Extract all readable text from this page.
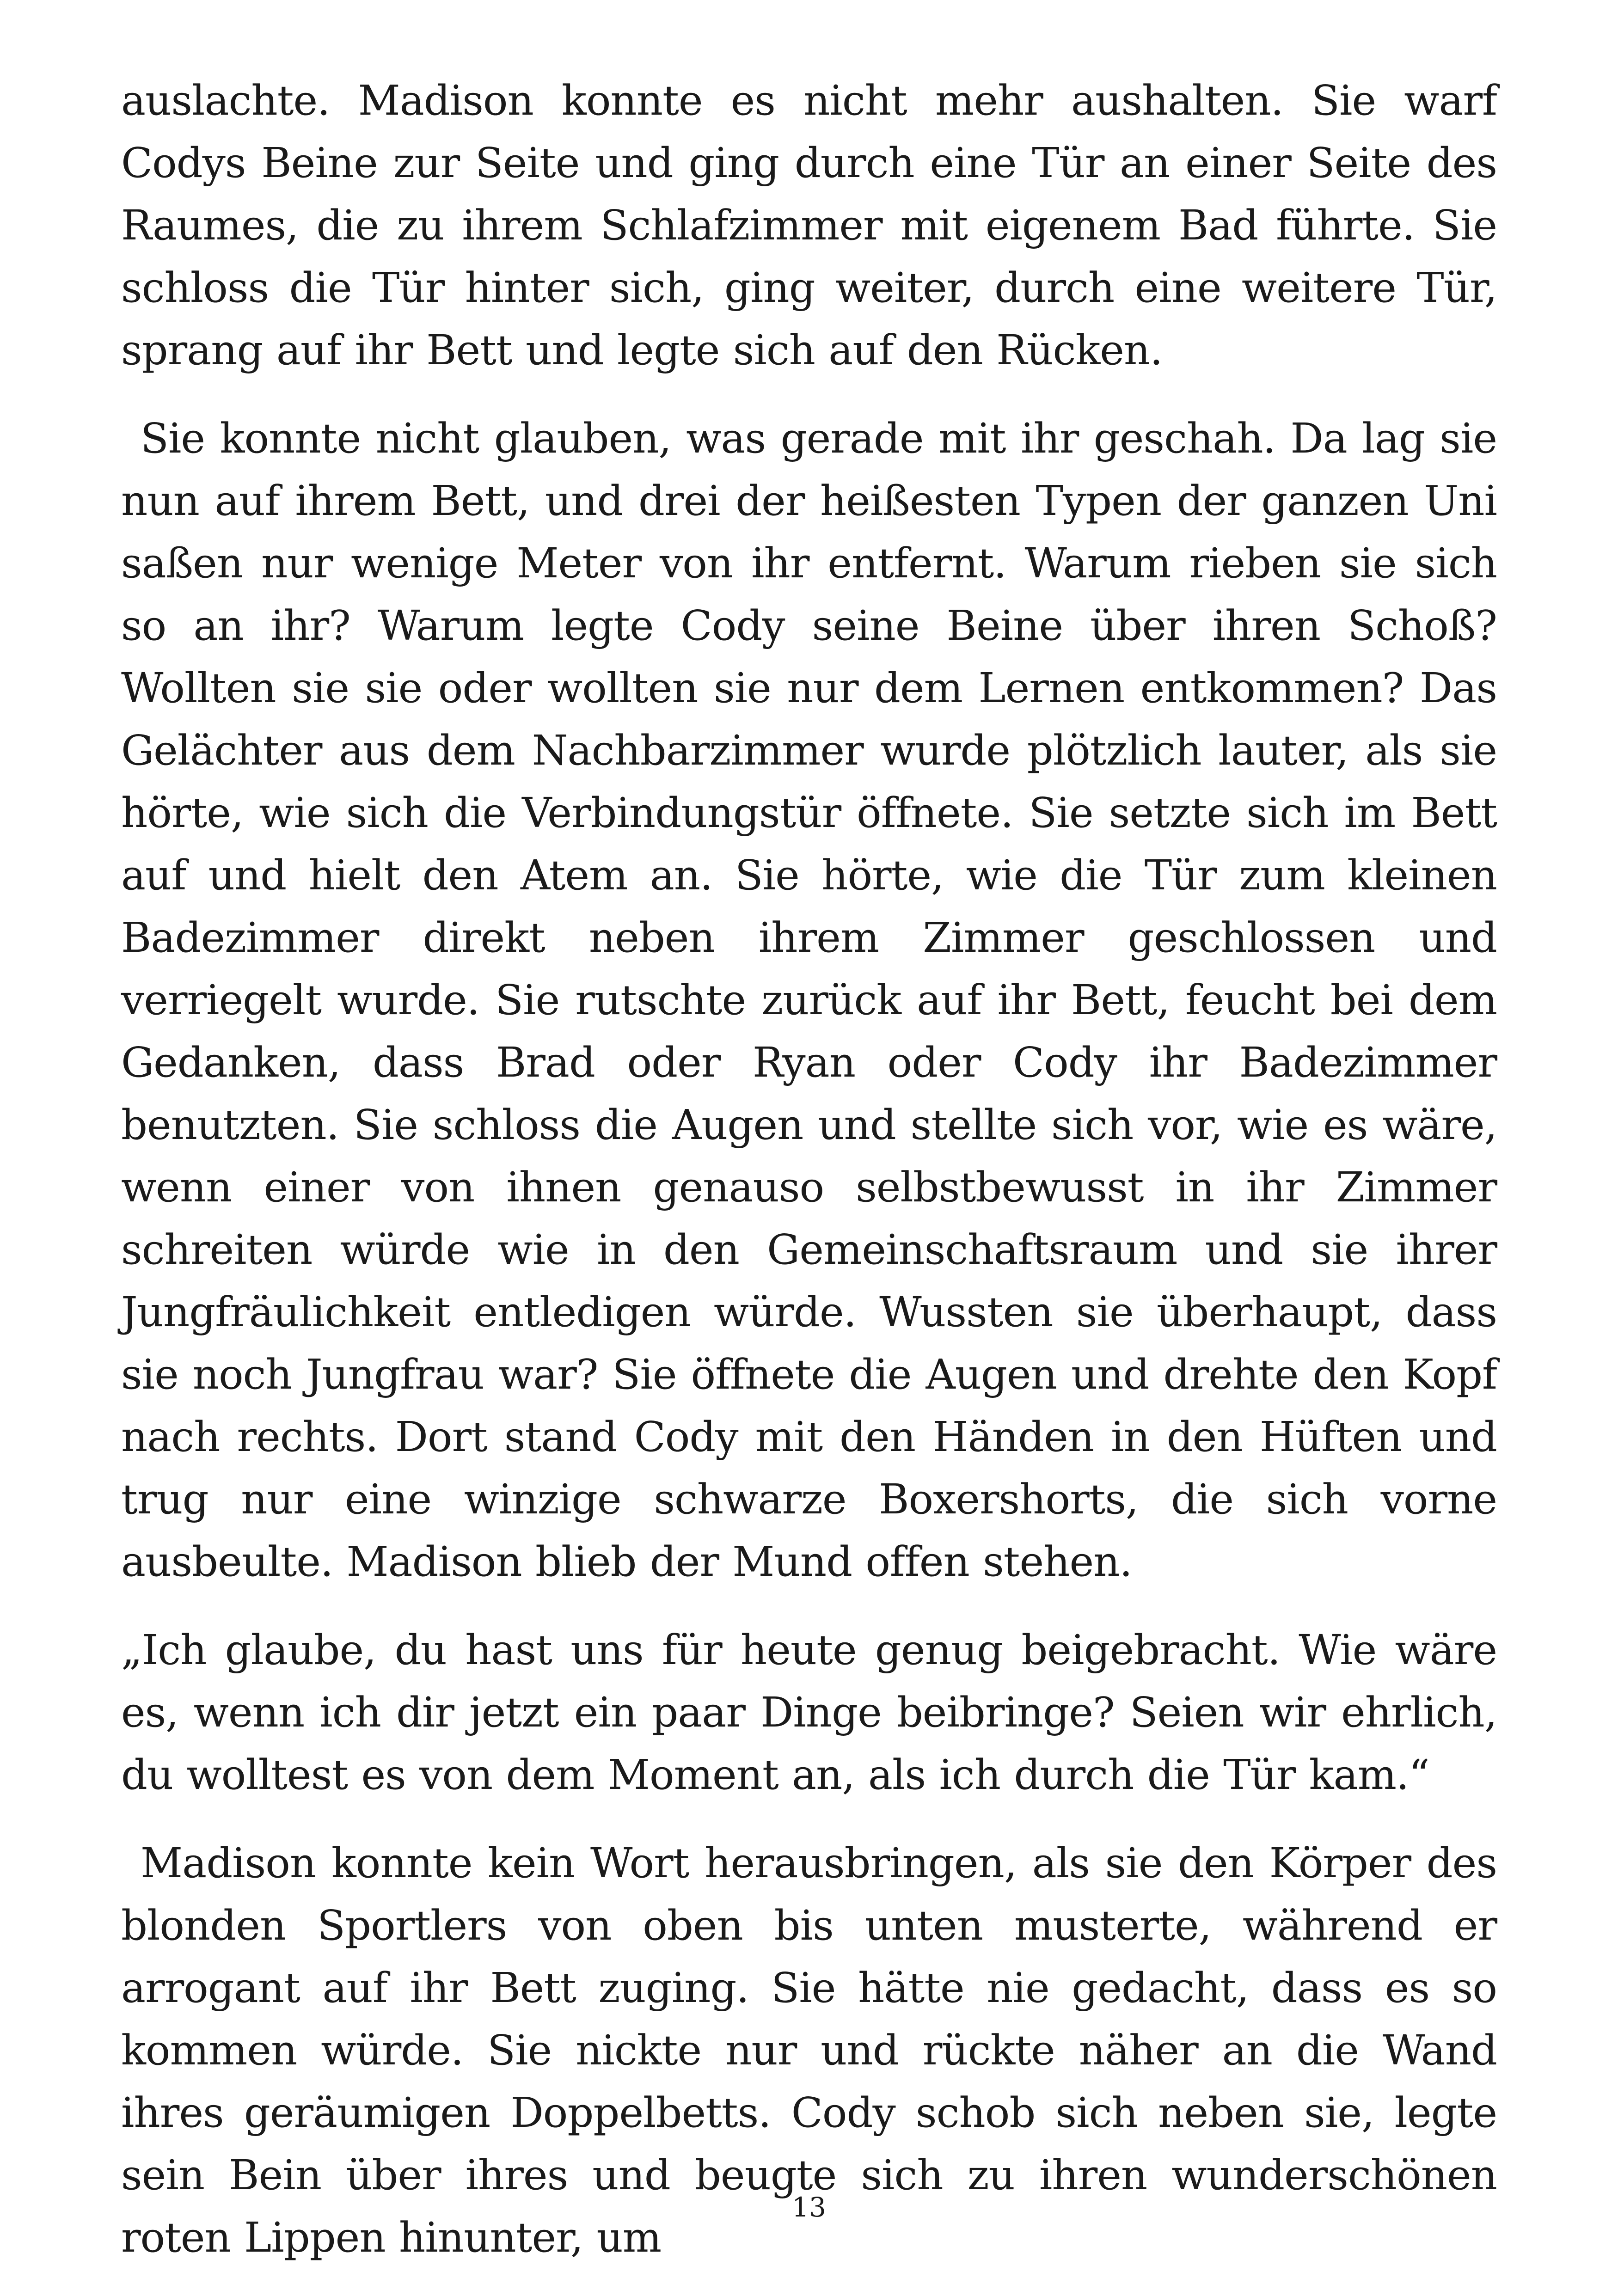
auslachte. Madison konnte es nicht mehr aushalten. Sie warf Codys Beine zur Seite und ging durch eine Tür an einer Seite des Raumes, die zu ihrem Schlafzimmer mit eigenem Bad führte. Sie schloss die Tür hinter sich, ging weiter, durch eine weitere Tür, sprang auf ihr Bett und legte sich auf den Rücken.

Sie konnte nicht glauben, was gerade mit ihr geschah. Da lag sie nun auf ihrem Bett, und drei der heißesten Typen der ganzen Uni saßen nur wenige Meter von ihr entfernt. Warum rieben sie sich so an ihr? Warum legte Cody seine Beine über ihren Schoß? Wollten sie sie oder wollten sie nur dem Lernen entkommen? Das Gelächter aus dem Nachbarzimmer wurde plötzlich lauter, als sie hörte, wie sich die Verbindungstür öffnete. Sie setzte sich im Bett auf und hielt den Atem an. Sie hörte, wie die Tür zum kleinen Badezimmer direkt neben ihrem Zimmer geschlossen und verriegelt wurde. Sie rutschte zurück auf ihr Bett, feucht bei dem Gedanken, dass Brad oder Ryan oder Cody ihr Badezimmer benutzten. Sie schloss die Augen und stellte sich vor, wie es wäre, wenn einer von ihnen genauso selbstbewusst in ihr Zimmer schreiten würde wie in den Gemeinschaftsraum und sie ihrer Jungfräulichkeit entledigen würde. Wussten sie überhaupt, dass sie noch Jungfrau war? Sie öffnete die Augen und drehte den Kopf nach rechts. Dort stand Cody mit den Händen in den Hüften und trug nur eine winzige schwarze Boxershorts, die sich vorne ausbeulte. Madison blieb der Mund offen stehen.

„Ich glaube, du hast uns für heute genug beigebracht. Wie wäre es, wenn ich dir jetzt ein paar Dinge beibringe? Seien wir ehrlich, du wolltest es von dem Moment an, als ich durch die Tür kam.“

Madison konnte kein Wort herausbringen, als sie den Körper des blonden Sportlers von oben bis unten musterte, während er arrogant auf ihr Bett zuging. Sie hätte nie gedacht, dass es so kommen würde. Sie nickte nur und rückte näher an die Wand ihres geräumigen Doppelbetts. Cody schob sich neben sie, legte sein Bein über ihres und beugte sich zu ihren wunderschönen roten Lippen hinunter, um

13
